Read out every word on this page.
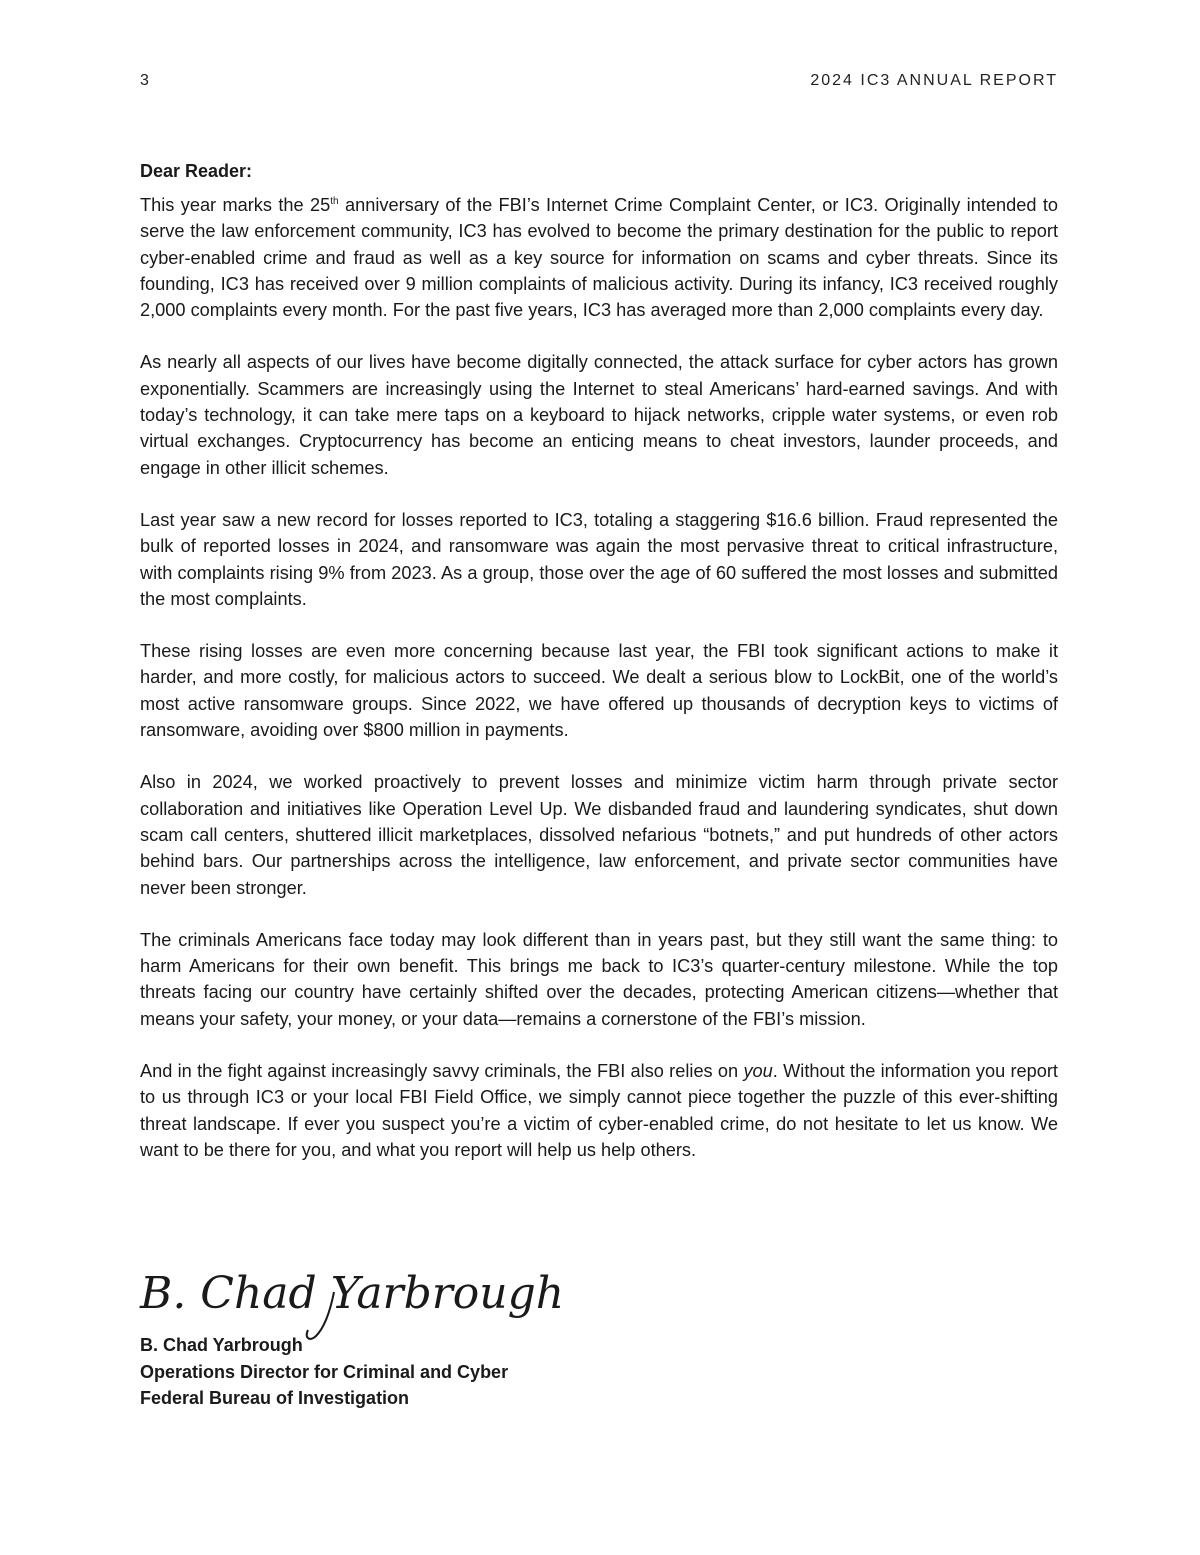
3	2024 IC3 ANNUAL REPORT

Dear Reader:

This year marks the 25th anniversary of the FBI’s Internet Crime Complaint Center, or IC3. Originally intended to serve the law enforcement community, IC3 has evolved to become the primary destination for the public to report cyber-enabled crime and fraud as well as a key source for information on scams and cyber threats. Since its founding, IC3 has received over 9 million complaints of malicious activity. During its infancy, IC3 received roughly 2,000 complaints every month. For the past five years, IC3 has averaged more than 2,000 complaints every day.

As nearly all aspects of our lives have become digitally connected, the attack surface for cyber actors has grown exponentially. Scammers are increasingly using the Internet to steal Americans’ hard-earned savings. And with today’s technology, it can take mere taps on a keyboard to hijack networks, cripple water systems, or even rob virtual exchanges. Cryptocurrency has become an enticing means to cheat investors, launder proceeds, and engage in other illicit schemes.

Last year saw a new record for losses reported to IC3, totaling a staggering $16.6 billion. Fraud represented the bulk of reported losses in 2024, and ransomware was again the most pervasive threat to critical infrastructure, with complaints rising 9% from 2023. As a group, those over the age of 60 suffered the most losses and submitted the most complaints.

These rising losses are even more concerning because last year, the FBI took significant actions to make it harder, and more costly, for malicious actors to succeed. We dealt a serious blow to LockBit, one of the world’s most active ransomware groups. Since 2022, we have offered up thousands of decryption keys to victims of ransomware, avoiding over $800 million in payments.

Also in 2024, we worked proactively to prevent losses and minimize victim harm through private sector collaboration and initiatives like Operation Level Up. We disbanded fraud and laundering syndicates, shut down scam call centers, shuttered illicit marketplaces, dissolved nefarious “botnets,” and put hundreds of other actors behind bars. Our partnerships across the intelligence, law enforcement, and private sector communities have never been stronger.

The criminals Americans face today may look different than in years past, but they still want the same thing: to harm Americans for their own benefit. This brings me back to IC3’s quarter-century milestone. While the top threats facing our country have certainly shifted over the decades, protecting American citizens—whether that means your safety, your money, or your data—remains a cornerstone of the FBI’s mission.

And in the fight against increasingly savvy criminals, the FBI also relies on you. Without the information you report to us through IC3 or your local FBI Field Office, we simply cannot piece together the puzzle of this ever-shifting threat landscape. If ever you suspect you’re a victim of cyber-enabled crime, do not hesitate to let us know. We want to be there for you, and what you report will help us help others.

B. Chad Yarbrough
B. Chad Yarbrough
Operations Director for Criminal and Cyber
Federal Bureau of Investigation
